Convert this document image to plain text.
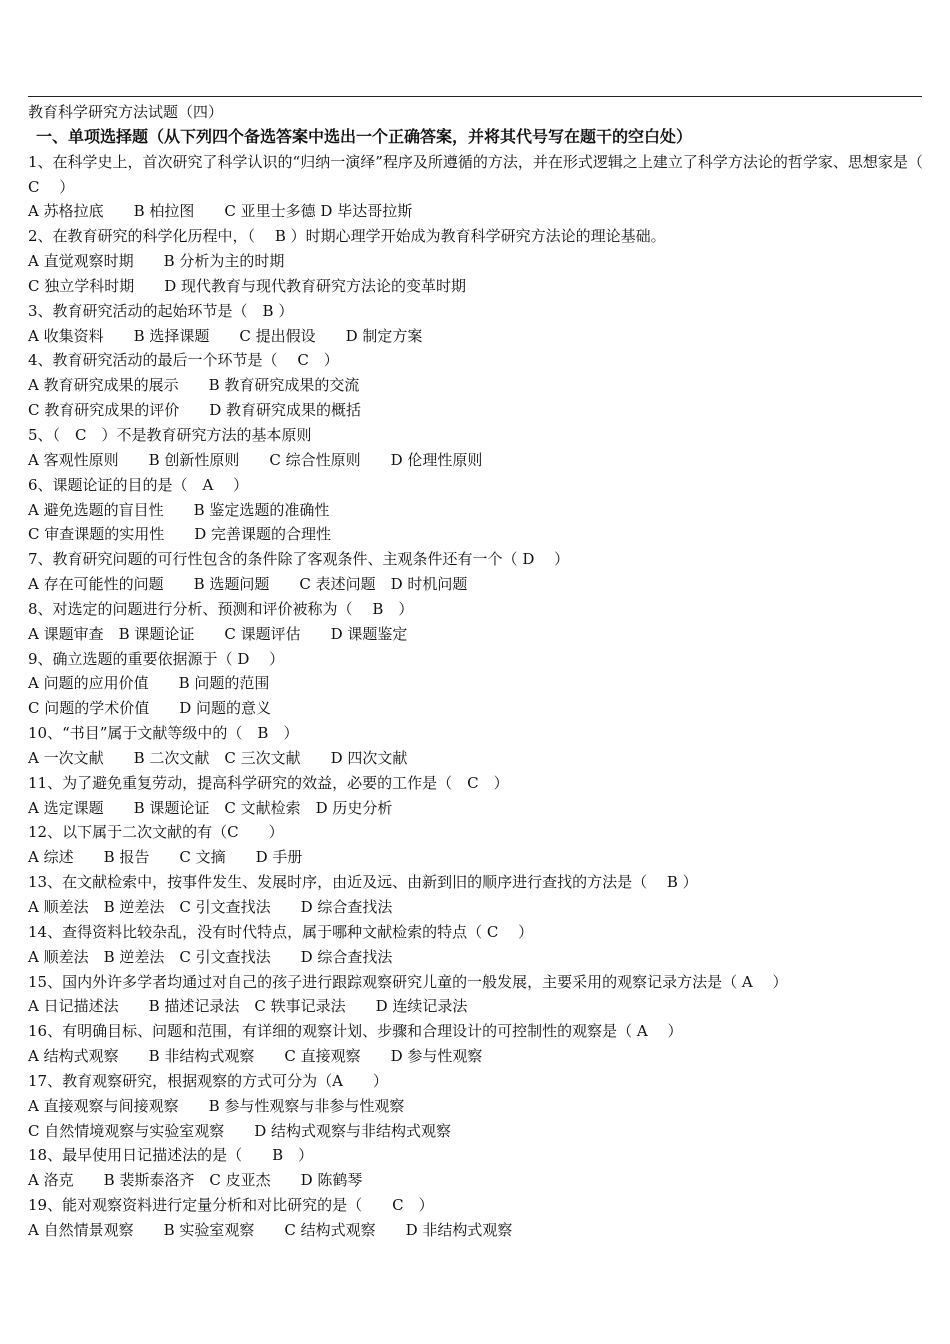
教育科学研究方法试题（四）
一、单项选择题（从下列四个备选答案中选出一个正确答案，并将其代号写在题干的空白处）
1、在科学史上，首次研究了科学认识的“归纳一演绎”程序及所遵循的方法，并在形式逻辑之上建立了科学方法论的哲学家、思想家是（ C　 ）
A 苏格拉底　　B 柏拉图　　C 亚里士多德 D 毕达哥拉斯
2、在教育研究的科学化历程中，（　 B ）时期心理学开始成为教育科学研究方法论的理论基础。
A 直觉观察时期　　B 分析为主的时期
C 独立学科时期　　D 现代教育与现代教育研究方法论的变革时期
3、教育研究活动的起始环节是（　B ）
A 收集资料　　B 选择课题　　C 提出假设　　D 制定方案
4、教育研究活动的最后一个环节是（　 C　）
A 教育研究成果的展示　　B 教育研究成果的交流
C 教育研究成果的评价　　D 教育研究成果的概括
5、（　C　）不是教育研究方法的基本原则
A 客观性原则　　B 创新性原则　　C 综合性原则　　D 伦理性原则
6、课题论证的目的是（　A　 ）
A 避免选题的盲目性　　B 鉴定选题的准确性
C 审查课题的实用性　　D 完善课题的合理性
7、教育研究问题的可行性包含的条件除了客观条件、主观条件还有一个（ D　 ）
A 存在可能性的问题　　B 选题问题　　C 表述问题　D 时机问题
8、对选定的问题进行分析、预测和评价被称为（　 B　）
A 课题审查　B 课题论证　　C 课题评估　　D 课题鉴定
9、确立选题的重要依据源于（ D　 ）
A 问题的应用价值　　B 问题的范围
C 问题的学术价值　　D 问题的意义
10、“书目”属于文献等级中的（　B　）
A 一次文献　　B 二次文献　C 三次文献　　D 四次文献
11、为了避免重复劳动，提高科学研究的效益，必要的工作是（　C　）
A 选定课题　　B 课题论证　C 文献检索　D 历史分析
12、以下属于二次文献的有（C　　）
A 综述　　B 报告　　C 文摘　　D 手册
13、在文献检索中，按事件发生、发展时序，由近及远、由新到旧的顺序进行查找的方法是（　 B ）
A 顺差法　B 逆差法　C 引文查找法　　D 综合查找法
14、查得资料比较杂乱，没有时代特点，属于哪种文献检索的特点（ C　 ）
A 顺差法　B 逆差法　C 引文查找法　　D 综合查找法
15、国内外许多学者均通过对自己的孩子进行跟踪观察研究儿童的一般发展，主要采用的观察记录方法是（ A　 ）
A 日记描述法　　B 描述记录法　C 轶事记录法　　D 连续记录法
16、有明确目标、问题和范围，有详细的观察计划、步骤和合理设计的可控制性的观察是（ A　 ）
A 结构式观察　　B 非结构式观察　　C 直接观察　　D 参与性观察
17、教育观察研究，根据观察的方式可分为（A　　）
A 直接观察与间接观察　　B 参与性观察与非参与性观察
C 自然情境观察与实验室观察　　D 结构式观察与非结构式观察
18、最早使用日记描述法的是（　　B　）
A 洛克　　B 裴斯泰洛齐　C 皮亚杰　　D 陈鹤琴
19、能对观察资料进行定量分析和对比研究的是（　　C　）
A 自然情景观察　　B 实验室观察　　C 结构式观察　　D 非结构式观察
